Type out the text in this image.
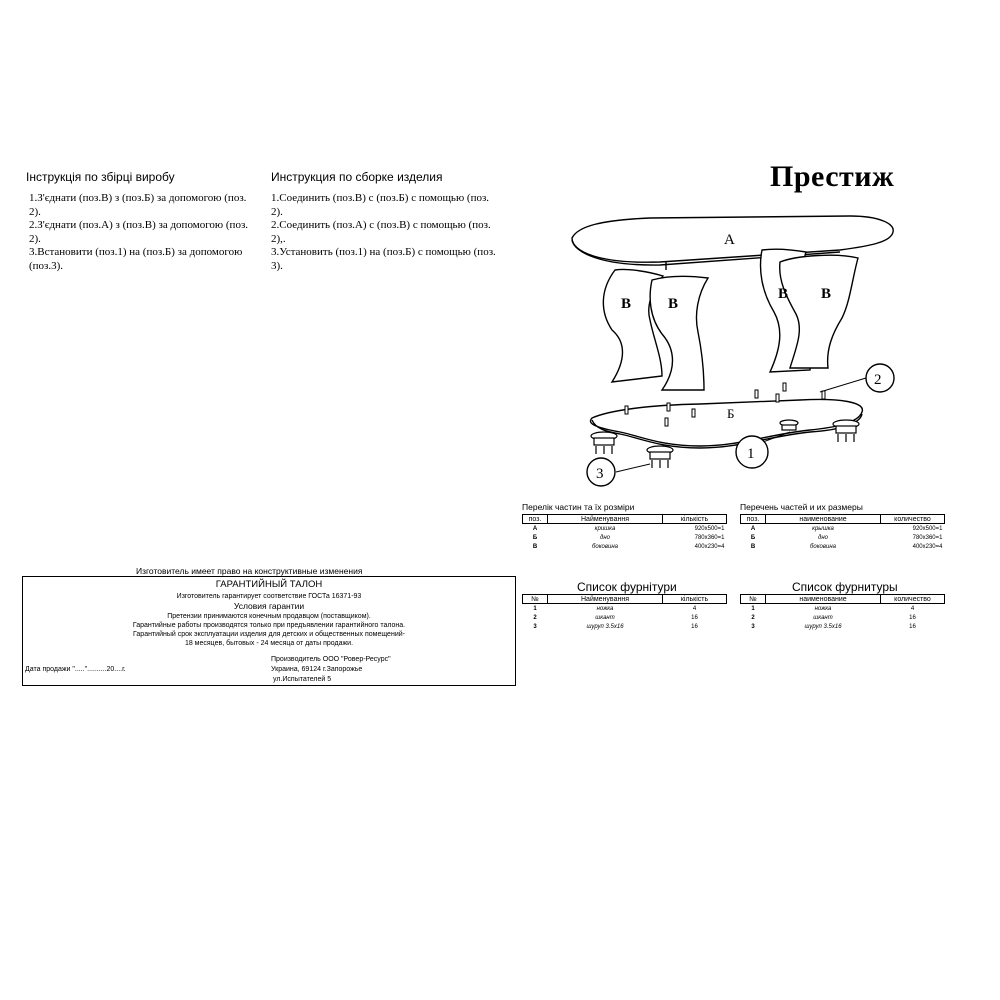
Інструкція по збірці виробу
1.З'єднати (поз.В) з (поз.Б) за допомогою (поз.
2).
2.З'єднати (поз.А) з (поз.В) за допомогою (поз.
2).
3.Встановити (поз.1) на (поз.Б) за допомогою
(поз.3).
Инструкция по сборке изделия
1.Соединить (поз.В) с (поз.Б) с помощью (поз.
2).
2.Соединить (поз.А) с (поз.В) с помощью (поз.
2),.
3.Установить (поз.1) на (поз.Б) с помощью (поз.
3).
Престиж
А
В В
В В
Б
2
1
3
Перелік частин та їх розміри
поз.	Найменування	кількість
А	кришка	920х500=1
Б	дно	780х360=1
В	боковина	400х230=4
Перечень частей и их размеры
поз.	наименование	количество
А	крышка	920х500=1
Б	дно	780х360=1
В	боковина	400х230=4
Список фурнітури
№	Найменування	кількість
1	ножка	4
2	шкант	16
3	шуруп 3.5х16	16
Список фурнитуры
№	наименование	количество
1	ножка	4
2	шкант	16
3	шуруп 3.5х16	16
Изготовитель имеет право на конструктивные изменения
ГАРАНТИЙНЫЙ ТАЛОН
Изготовитель гарантирует соответствие ГОСТа 16371-93
Условия гарантии
Претензии принимаются конечным продавцом (поставщиком).
Гарантийные работы производятся только при предъявлении гарантийного талона.
Гарантийный срок эксплуатации изделия для детских и общественных помещений-
18 месяцев, бытовых - 24 месяца от даты продажи.
Производитель ООО "Ровер-Ресурс"
Украина, 69124 г.Запорожье
ул.Испытателей 5
Дата продажи "....."..........20....г.
